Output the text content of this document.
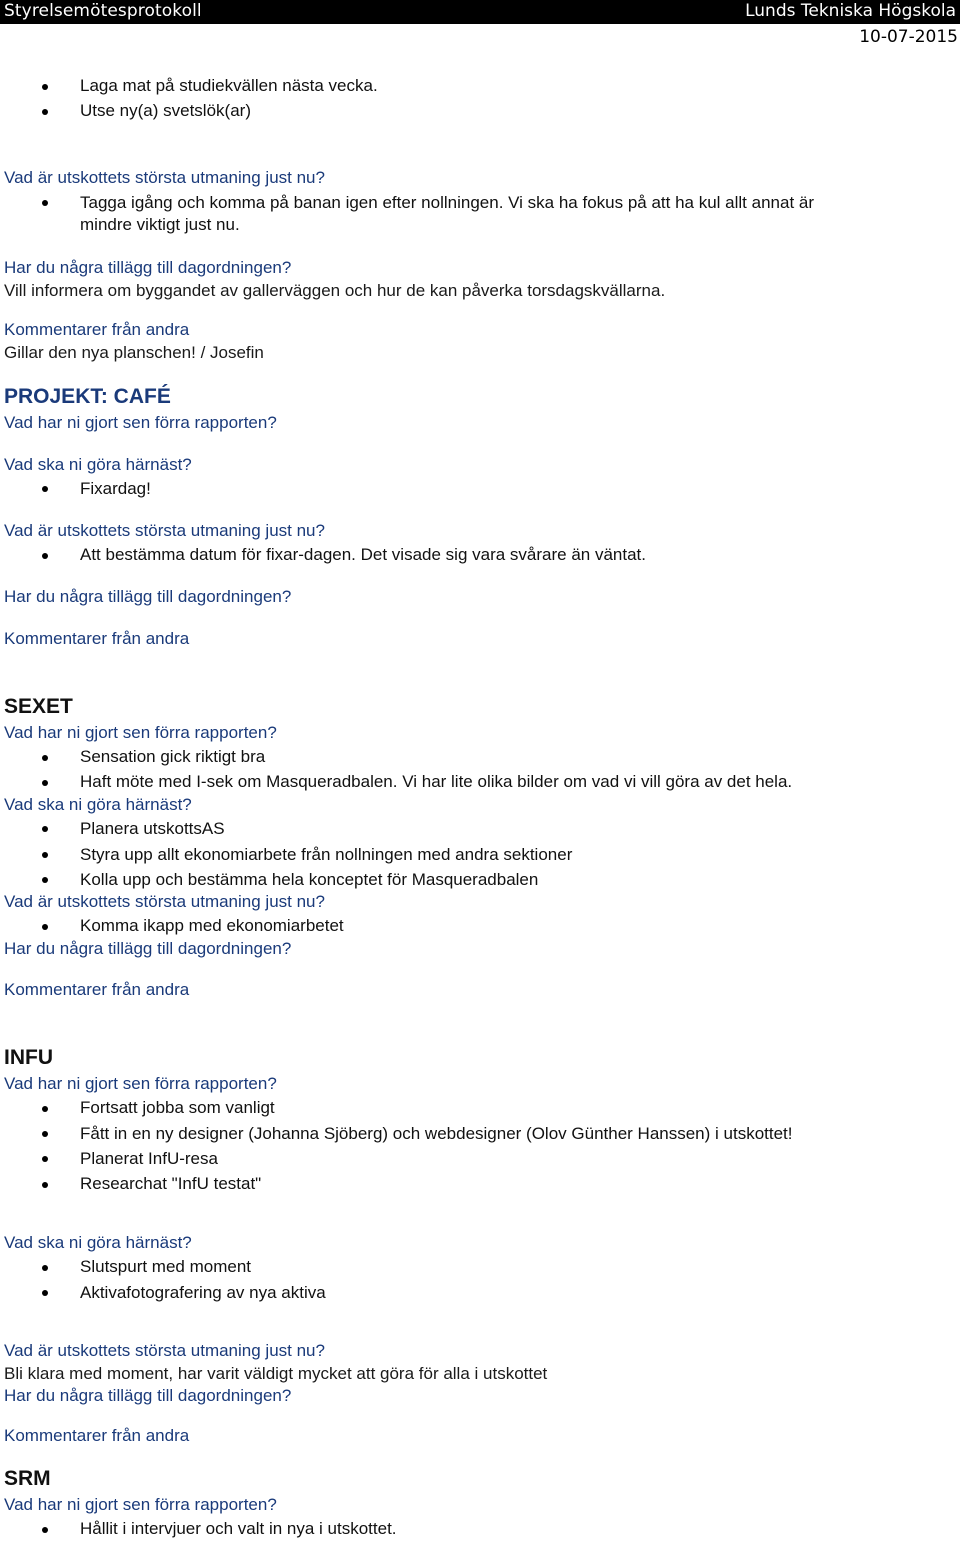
Styrelsemötesprotokoll	Lunds Tekniska Högskola
10-07-2015
Laga mat på studiekvällen nästa vecka.
Utse ny(a) svetslök(ar)
Vad är utskottets största utmaning just nu?
Tagga igång och komma på banan igen efter nollningen. Vi ska ha fokus på att ha kul allt annat är
mindre viktigt just nu.
Har du några tillägg till dagordningen?
Vill informera om byggandet av gallerväggen och hur de kan påverka torsdagskvällarna.
Kommentarer från andra
Gillar den nya planschen! / Josefin
PROJEKT: CAFÉ
Vad har ni gjort sen förra rapporten?
Vad ska ni göra härnäst?
Fixardag!
Vad är utskottets största utmaning just nu?
Att bestämma datum för fixar-dagen. Det visade sig vara svårare än väntat.
Har du några tillägg till dagordningen?
Kommentarer från andra
SEXET
Vad har ni gjort sen förra rapporten?
Sensation gick riktigt bra
Haft möte med I-sek om Masqueradbalen. Vi har lite olika bilder om vad vi vill göra av det hela.
Vad ska ni göra härnäst?
Planera utskottsAS
Styra upp allt ekonomiarbete från nollningen med andra sektioner
Kolla upp och bestämma hela konceptet för Masqueradbalen
Vad är utskottets största utmaning just nu?
Komma ikapp med ekonomiarbetet
Har du några tillägg till dagordningen?
Kommentarer från andra
INFU
Vad har ni gjort sen förra rapporten?
Fortsatt jobba som vanligt
Fått in en ny designer (Johanna Sjöberg) och webdesigner (Olov Günther Hanssen) i utskottet!
Planerat InfU-resa
Researchat "InfU testat"
Vad ska ni göra härnäst?
Slutspurt med moment
Aktivafotografering av nya aktiva
Vad är utskottets största utmaning just nu?
Bli klara med moment, har varit väldigt mycket att göra för alla i utskottet
Har du några tillägg till dagordningen?
Kommentarer från andra
SRM
Vad har ni gjort sen förra rapporten?
Hållit i intervjuer och valt in nya i utskottet.
